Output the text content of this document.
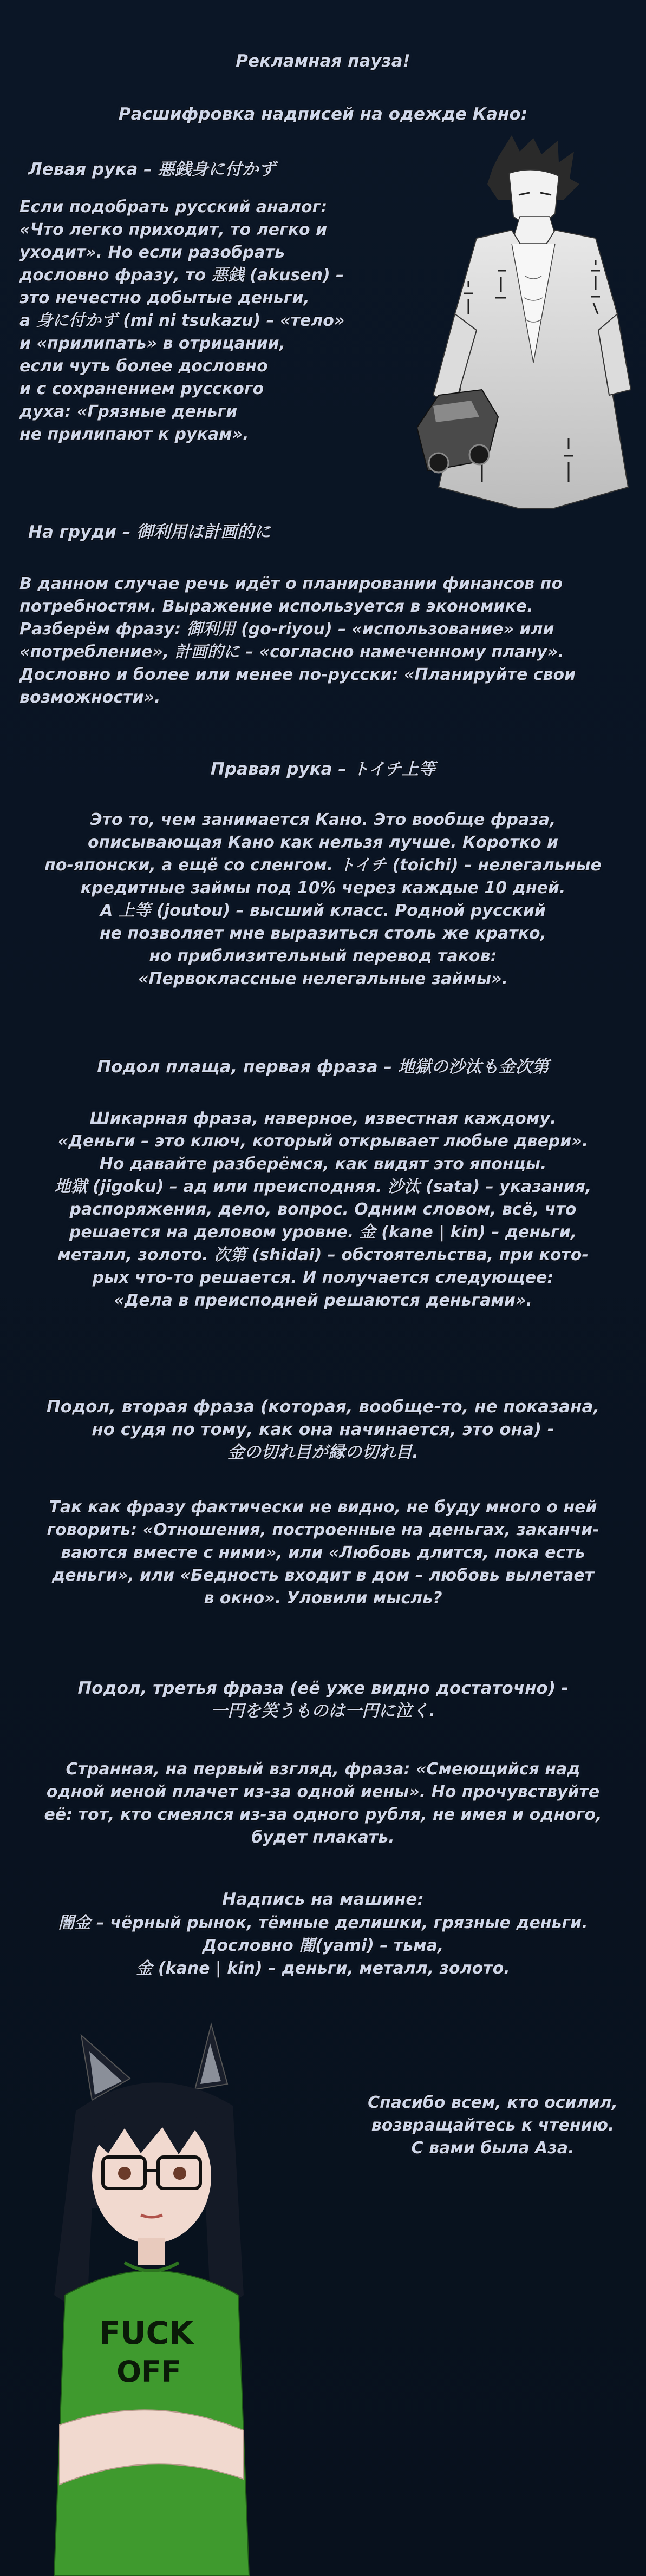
Рекламная пауза!
Расшифровка надписей на одежде Кано:
Левая рука – 悪銭身に付かず
Если подобрать русский аналог:
«Что легко приходит, то легко и
уходит». Но если разобрать
дословно фразу, то 悪銭 (akusen) –
это нечестно добытые деньги,
а 身に付かず (mi ni tsukazu) – «тело»
и «прилипать» в отрицании,
если чуть более дословно
и с сохранением русского
духа: «Грязные деньги
не прилипают к рукам».
На груди – 御利用は計画的に
В данном случае речь идёт о планировании финансов по
потребностям. Выражение используется в экономике.
Разберём фразу: 御利用 (go-riyou) – «использование» или
«потребление», 計画的に – «согласно намеченному плану».
Дословно и более или менее по-русски: «Планируйте свои
возможности».
Правая рука – トイチ上等
Это то, чем занимается Кано. Это вообще фраза,
описывающая Кано как нельзя лучше. Коротко и
по-японски, а ещё со сленгом. トイチ (toichi) – нелегальные
кредитные займы под 10% через каждые 10 дней.
А 上等 (joutou) – высший класс. Родной русский
не позволяет мне выразиться столь же кратко,
но приблизительный перевод таков:
«Первоклассные нелегальные займы».
Подол плаща, первая фраза – 地獄の沙汰も金次第
Шикарная фраза, наверное, известная каждому.
«Деньги – это ключ, который открывает любые двери».
Но давайте разберёмся, как видят это японцы.
地獄 (jigoku) – ад или преисподняя. 沙汰 (sata) – указания,
распоряжения, дело, вопрос. Одним словом, всё, что
решается на деловом уровне. 金 (kane | kin) – деньги,
металл, золото. 次第 (shidai) – обстоятельства, при кото-
рых что-то решается. И получается следующее:
«Дела в преисподней решаются деньгами».
Подол, вторая фраза (которая, вообще-то, не показана,
но судя по тому, как она начинается, это она) -
金の切れ目が縁の切れ目.
Так как фразу фактически не видно, не буду много о ней
говорить: «Отношения, построенные на деньгах, заканчи-
ваются вместе с ними», или «Любовь длится, пока есть
деньги», или «Бедность входит в дом – любовь вылетает
в окно». Уловили мысль?
Подол, третья фраза (её уже видно достаточно) -
一円を笑うものは一円に泣く.
Странная, на первый взгляд, фраза: «Смеющийся над
одной иеной плачет из-за одной иены». Но прочувствуйте
её: тот, кто смеялся из-за одного рубля, не имея и одного,
будет плакать.
Надпись на машине:
闇金 – чёрный рынок, тёмные делишки, грязные деньги.
Дословно 闇(yami) – тьма,
金 (kane | kin) – деньги, металл, золото.
FUCK
OFF
Спасибо всем, кто осилил,
возвращайтесь к чтению.
С вами была Аза.
